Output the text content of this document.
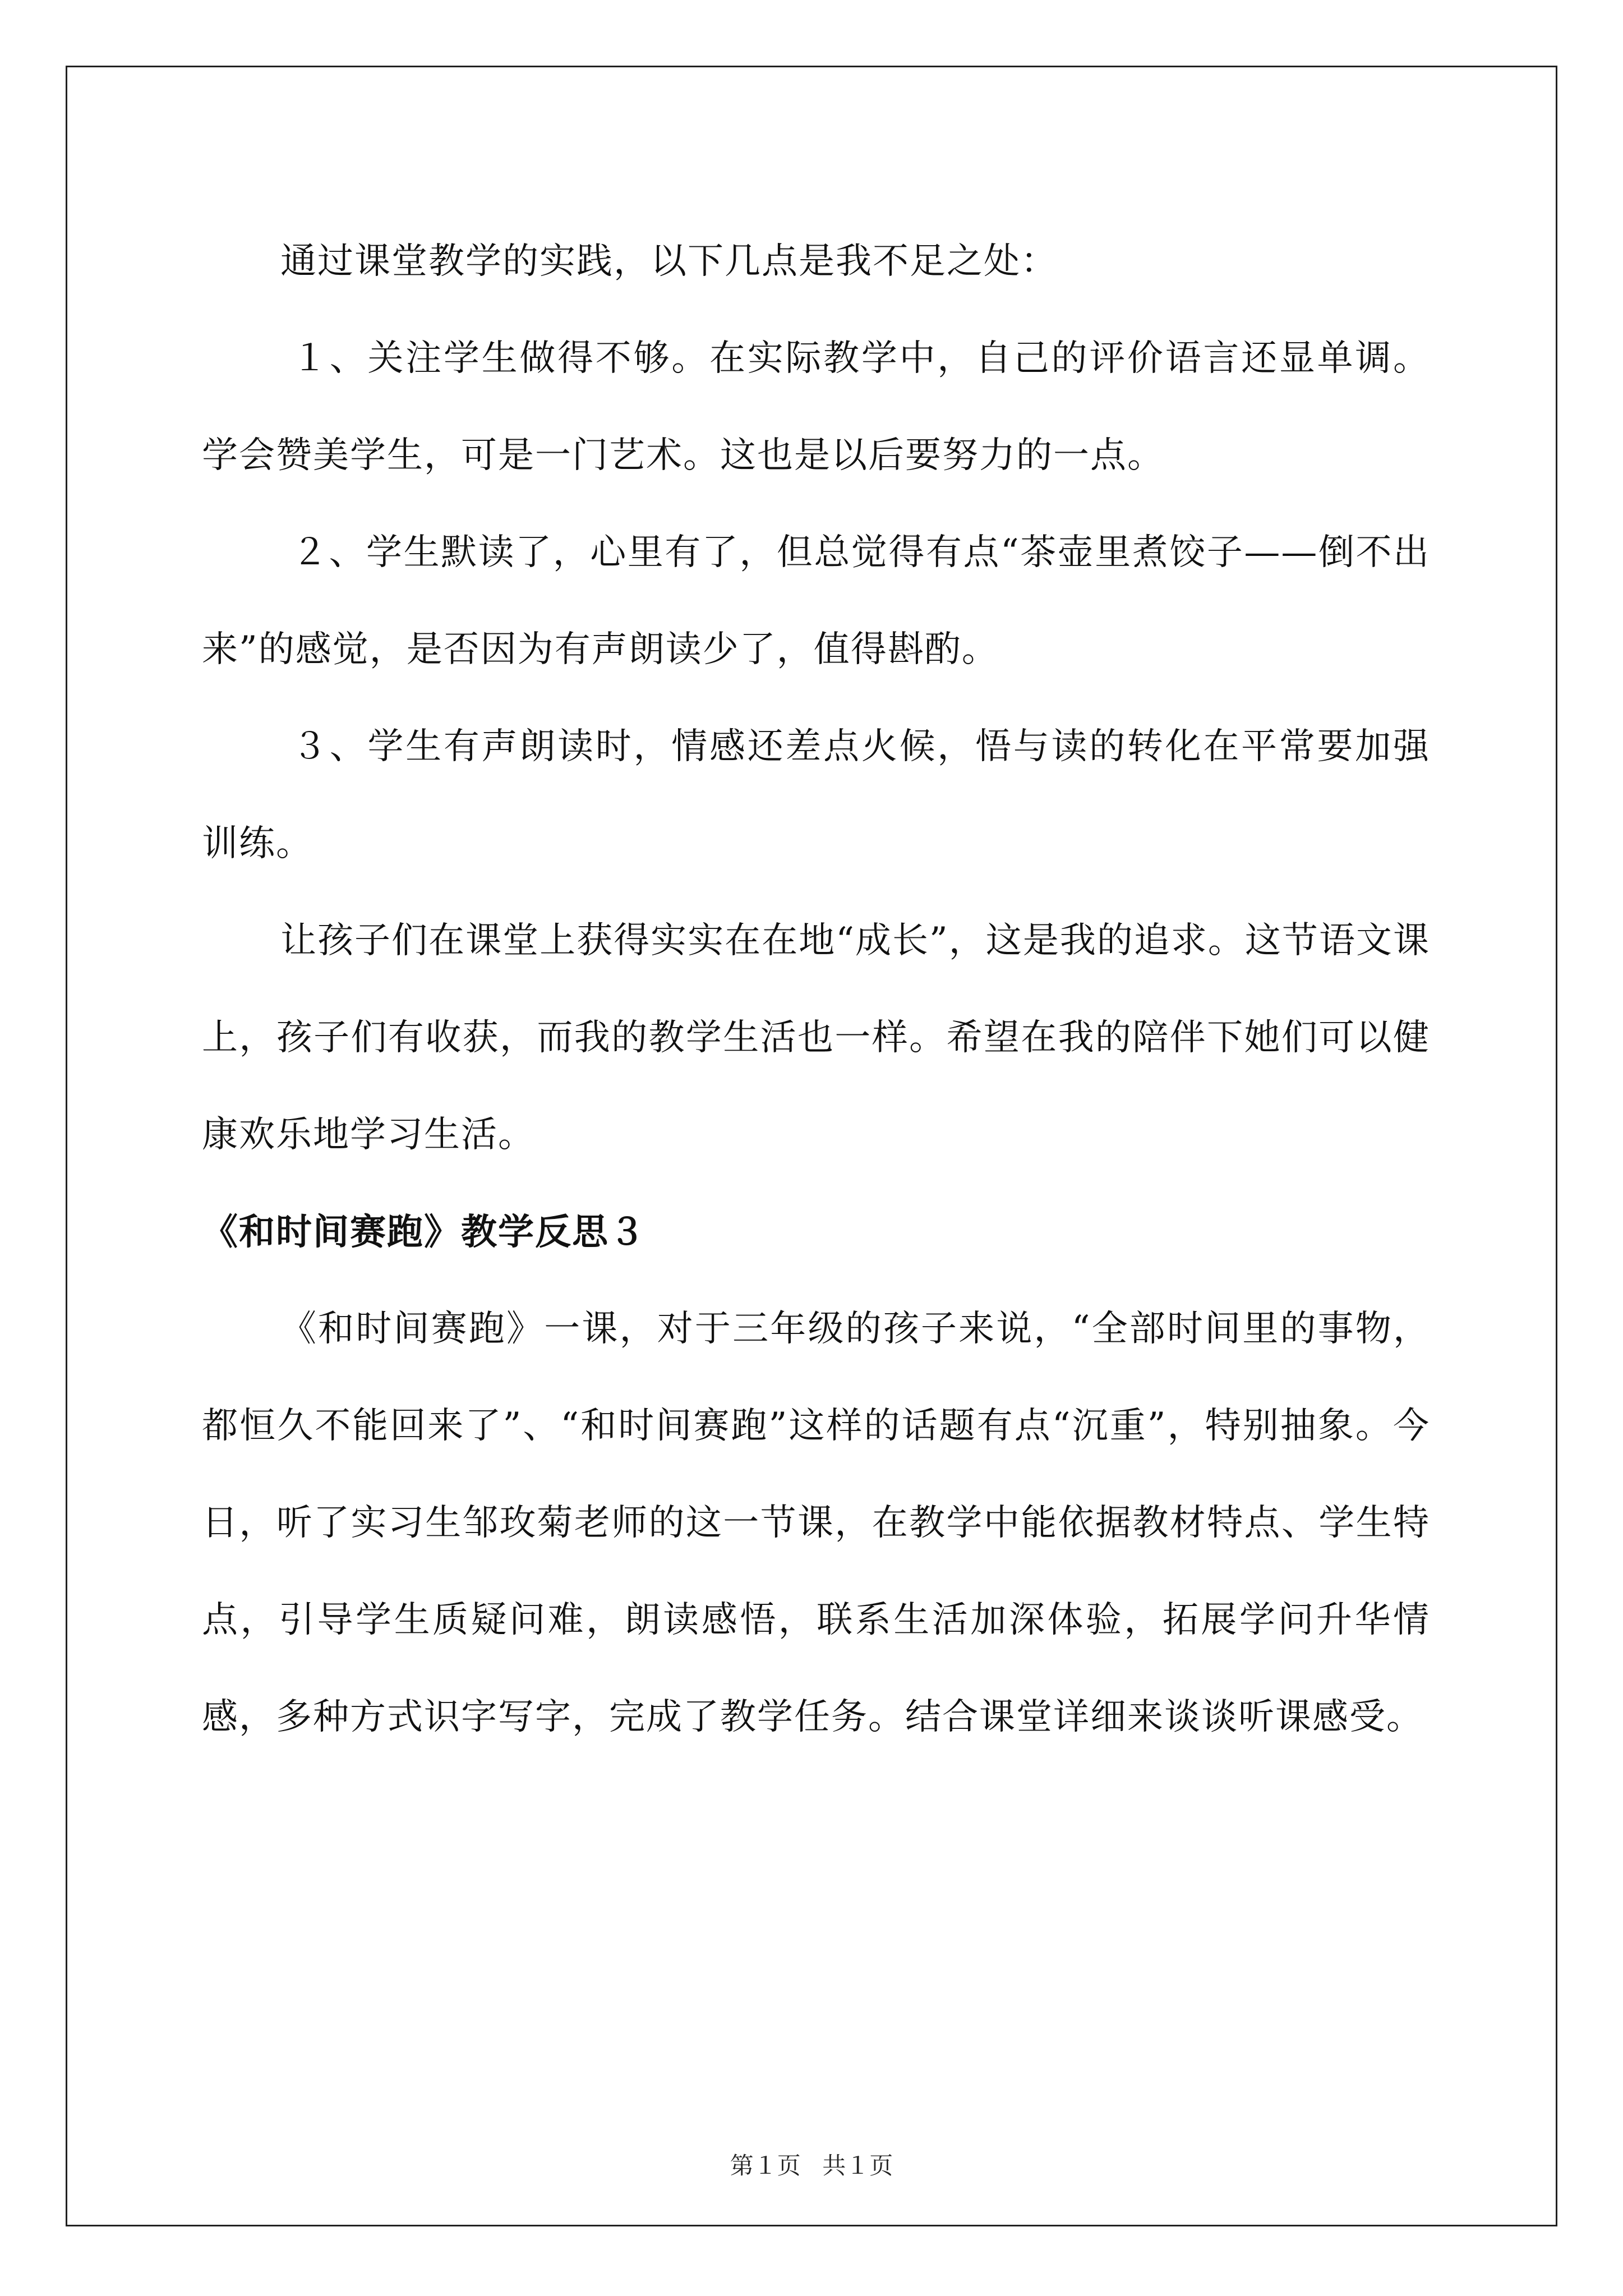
通过课堂教学的实践，以下几点是我不足之处：

１、关注学生做得不够。在实际教学中，自己的评价语言还显单调。学会赞美学生，可是一门艺术。这也是以后要努力的一点。

２、学生默读了，心里有了，但总觉得有点“茶壶里煮饺子——倒不出来”的感觉，是否因为有声朗读少了，值得斟酌。

３、学生有声朗读时，情感还差点火候，悟与读的转化在平常要加强训练。

让孩子们在课堂上获得实实在在地“成长”，这是我的追求。这节语文课上，孩子们有收获，而我的教学生活也一样。希望在我的陪伴下她们可以健康欢乐地学习生活。

《和时间赛跑》教学反思３

《和时间赛跑》一课，对于三年级的孩子来说，“全部时间里的事物，都恒久不能回来了”、“和时间赛跑”这样的话题有点“沉重”，特别抽象。今日，听了实习生邹玫菊老师的这一节课，在教学中能依据教材特点、学生特点，引导学生质疑问难，朗读感悟，联系生活加深体验，拓展学问升华情感，多种方式识字写字，完成了教学任务。结合课堂详细来谈谈听课感受。

第１页 共１页
